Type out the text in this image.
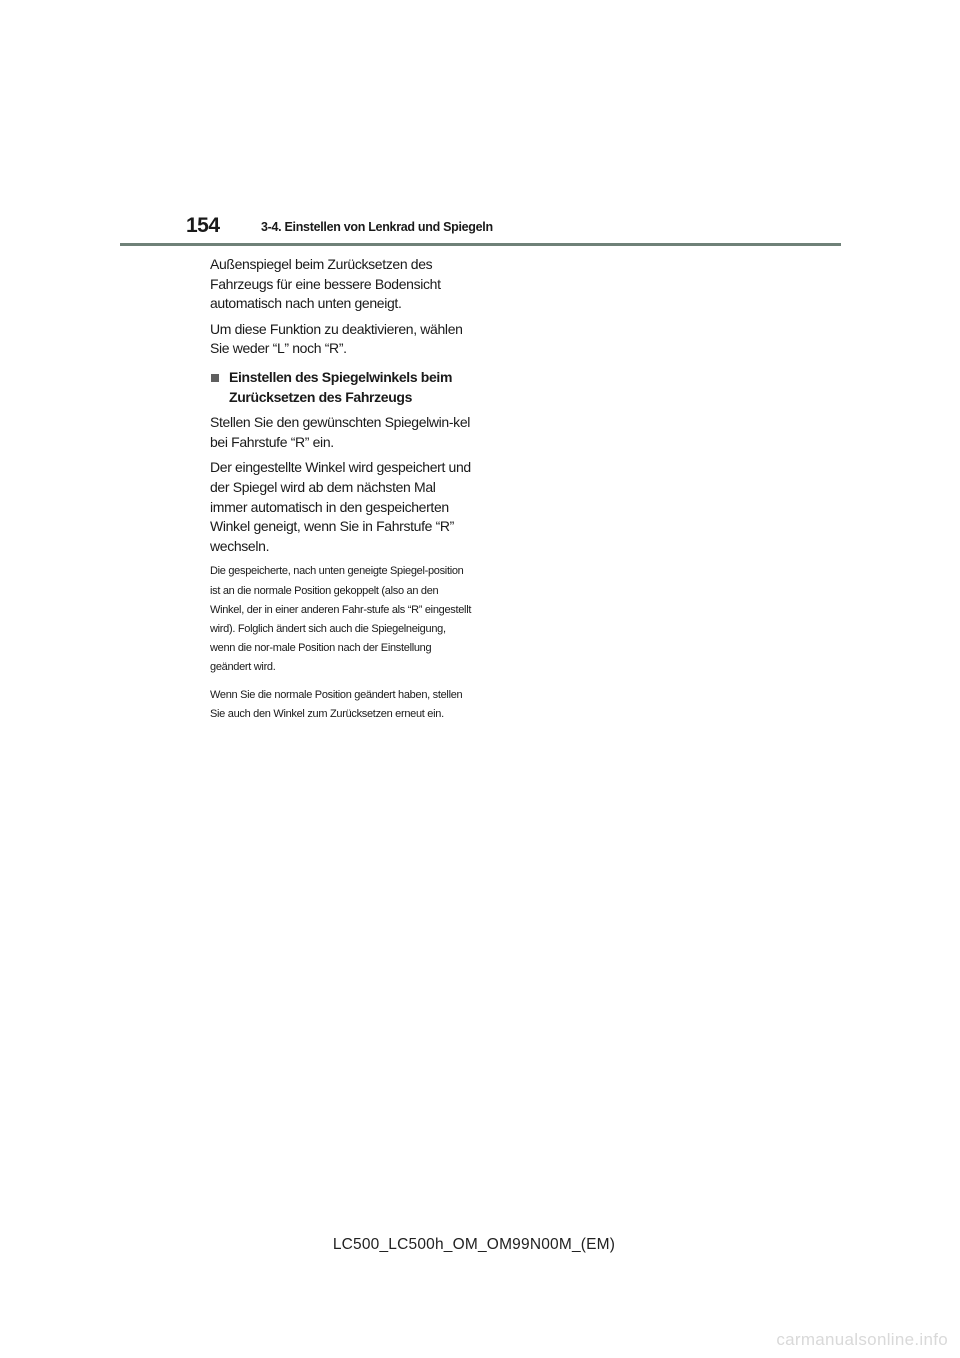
154	3-4. Einstellen von Lenkrad und Spiegeln

Außenspiegel beim Zurücksetzen des Fahrzeugs für eine bessere Bodensicht automatisch nach unten geneigt.

Um diese Funktion zu deaktivieren, wählen Sie weder “L” noch “R”.

Einstellen des Spiegelwinkels beim Zurücksetzen des Fahrzeugs

Stellen Sie den gewünschten Spiegelwin-kel bei Fahrstufe “R” ein.

Der eingestellte Winkel wird gespeichert und der Spiegel wird ab dem nächsten Mal immer automatisch in den gespeicherten Winkel geneigt, wenn Sie in Fahrstufe “R” wechseln.

Die gespeicherte, nach unten geneigte Spiegel-position ist an die normale Position gekoppelt (also an den Winkel, der in einer anderen Fahr-stufe als “R” eingestellt wird). Folglich ändert sich auch die Spiegelneigung, wenn die nor-male Position nach der Einstellung geändert wird.

Wenn Sie die normale Position geändert haben, stellen Sie auch den Winkel zum Zurücksetzen erneut ein.

LC500_LC500h_OM_OM99N00M_(EM)
carmanualsonline.info
